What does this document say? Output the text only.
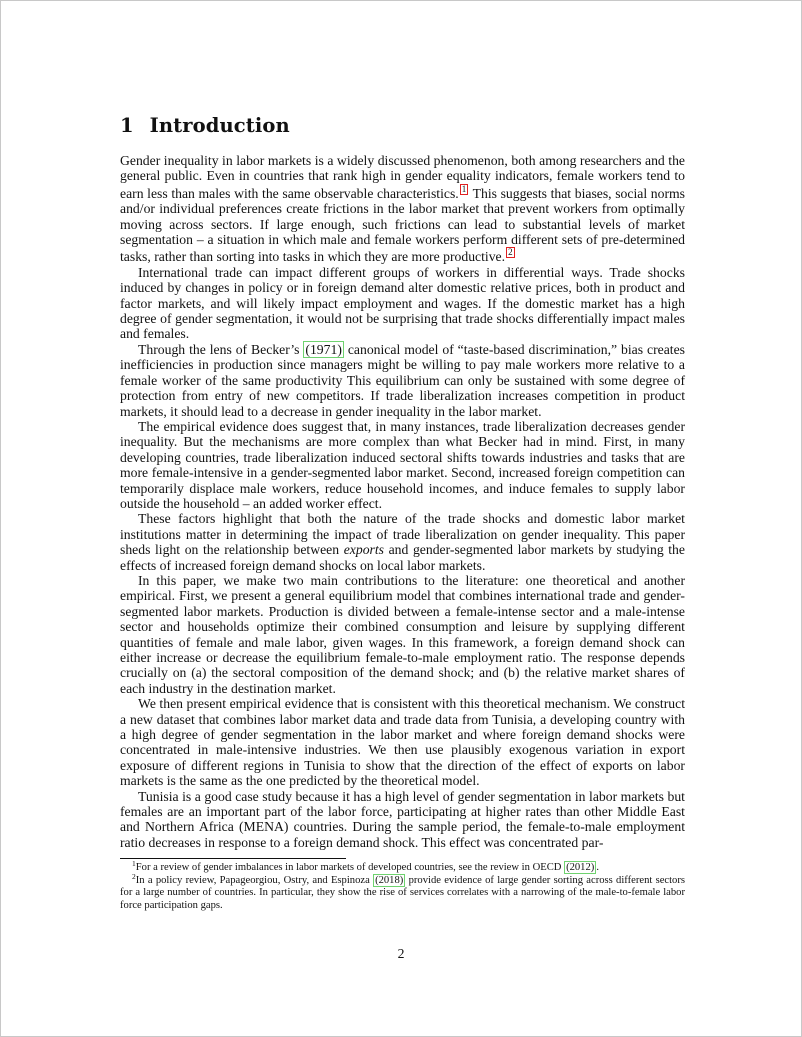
1 Introduction

Gender inequality in labor markets is a widely discussed phenomenon, both among researchers and the general public. Even in countries that rank high in gender equality indicators, female workers tend to earn less than males with the same observable characteristics. 1 This suggests that biases, social norms and/or individual preferences create frictions in the labor market that prevent workers from optimally moving across sectors. If large enough, such frictions can lead to substantial levels of market segmentation – a situation in which male and female workers perform different sets of pre-determined tasks, rather than sorting into tasks in which they are more productive. 2

International trade can impact different groups of workers in differential ways. Trade shocks induced by changes in policy or in foreign demand alter domestic relative prices, both in product and factor markets, and will likely impact employment and wages. If the domestic market has a high degree of gender segmentation, it would not be surprising that trade shocks differentially impact males and females.

Through the lens of Becker’s (1971) canonical model of “taste-based discrimination,” bias creates inefficiencies in production since managers might be willing to pay male workers more relative to a female worker of the same productivity This equilibrium can only be sustained with some degree of protection from entry of new competitors. If trade liberalization increases competition in product markets, it should lead to a decrease in gender inequality in the labor market.

The empirical evidence does suggest that, in many instances, trade liberalization decreases gender inequality. But the mechanisms are more complex than what Becker had in mind. First, in many developing countries, trade liberalization induced sectoral shifts towards industries and tasks that are more female-intensive in a gender-segmented labor market. Second, increased foreign competition can temporarily displace male workers, reduce household incomes, and induce females to supply labor outside the household – an added worker effect.

These factors highlight that both the nature of the trade shocks and domestic labor market institutions matter in determining the impact of trade liberalization on gender inequality. This paper sheds light on the relationship between exports and gender-segmented labor markets by studying the effects of increased foreign demand shocks on local labor markets.

In this paper, we make two main contributions to the literature: one theoretical and another empirical. First, we present a general equilibrium model that combines international trade and gender-segmented labor markets. Production is divided between a female-intense sector and a male-intense sector and households optimize their combined consumption and leisure by supplying different quantities of female and male labor, given wages. In this framework, a foreign demand shock can either increase or decrease the equilibrium female-to-male employment ratio. The response depends crucially on (a) the sectoral composition of the demand shock; and (b) the relative market shares of each industry in the destination market.

We then present empirical evidence that is consistent with this theoretical mechanism. We construct a new dataset that combines labor market data and trade data from Tunisia, a developing country with a high degree of gender segmentation in the labor market and where foreign demand shocks were concentrated in male-intensive industries. We then use plausibly exogenous variation in export exposure of different regions in Tunisia to show that the direction of the effect of exports on labor markets is the same as the one predicted by the theoretical model.

Tunisia is a good case study because it has a high level of gender segmentation in labor markets but females are an important part of the labor force, participating at higher rates than other Middle East and Northern Africa (MENA) countries. During the sample period, the female-to-male employment ratio decreases in response to a foreign demand shock. This effect was concentrated par-

$^1$For a review of gender imbalances in labor markets of developed countries, see the review in OECD (2012) .

$^2$In a policy review, Papageorgiou, Ostry, and Espinoza (2018) provide evidence of large gender sorting across different sectors for a large number of countries. In particular, they show the rise of services correlates with a narrowing of the male-to-female labor force participation gaps.

2
